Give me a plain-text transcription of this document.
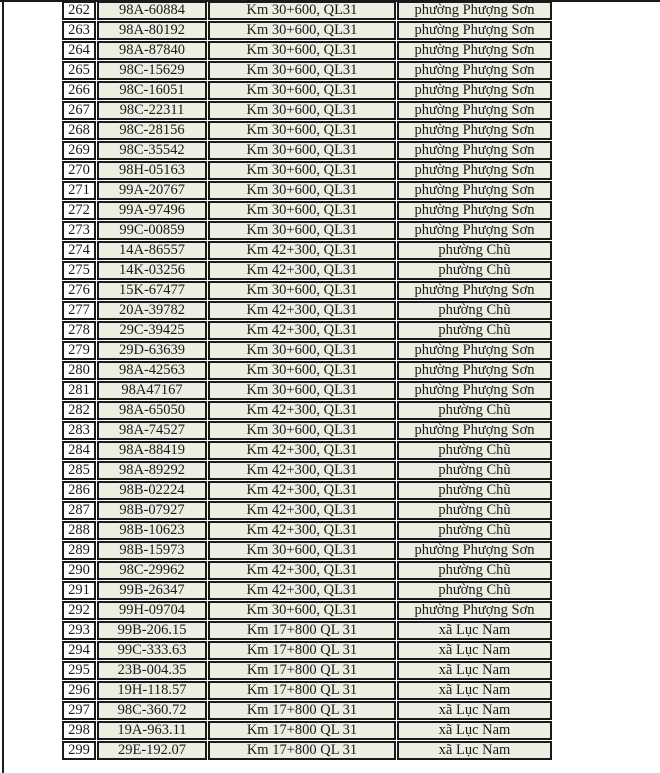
262	98A-60884	Km 30+600, QL31	phường Phượng Sơn
263	98A-80192	Km 30+600, QL31	phường Phượng Sơn
264	98A-87840	Km 30+600, QL31	phường Phượng Sơn
265	98C-15629	Km 30+600, QL31	phường Phượng Sơn
266	98C-16051	Km 30+600, QL31	phường Phượng Sơn
267	98C-22311	Km 30+600, QL31	phường Phượng Sơn
268	98C-28156	Km 30+600, QL31	phường Phượng Sơn
269	98C-35542	Km 30+600, QL31	phường Phượng Sơn
270	98H-05163	Km 30+600, QL31	phường Phượng Sơn
271	99A-20767	Km 30+600, QL31	phường Phượng Sơn
272	99A-97496	Km 30+600, QL31	phường Phượng Sơn
273	99C-00859	Km 30+600, QL31	phường Phượng Sơn
274	14A-86557	Km 42+300, QL31	phường Chũ
275	14K-03256	Km 42+300, QL31	phường Chũ
276	15K-67477	Km 30+600, QL31	phường Phượng Sơn
277	20A-39782	Km 42+300, QL31	phường Chũ
278	29C-39425	Km 42+300, QL31	phường Chũ
279	29D-63639	Km 30+600, QL31	phường Phượng Sơn
280	98A-42563	Km 30+600, QL31	phường Phượng Sơn
281	98A47167	Km 30+600, QL31	phường Phượng Sơn
282	98A-65050	Km 42+300, QL31	phường Chũ
283	98A-74527	Km 30+600, QL31	phường Phượng Sơn
284	98A-88419	Km 42+300, QL31	phường Chũ
285	98A-89292	Km 42+300, QL31	phường Chũ
286	98B-02224	Km 42+300, QL31	phường Chũ
287	98B-07927	Km 42+300, QL31	phường Chũ
288	98B-10623	Km 42+300, QL31	phường Chũ
289	98B-15973	Km 30+600, QL31	phường Phượng Sơn
290	98C-29962	Km 42+300, QL31	phường Chũ
291	99B-26347	Km 42+300, QL31	phường Chũ
292	99H-09704	Km 30+600, QL31	phường Phượng Sơn
293	99B-206.15	Km 17+800 QL 31	xã Lục Nam
294	99C-333.63	Km 17+800 QL 31	xã Lục Nam
295	23B-004.35	Km 17+800 QL 31	xã Lục Nam
296	19H-118.57	Km 17+800 QL 31	xã Lục Nam
297	98C-360.72	Km 17+800 QL 31	xã Lục Nam
298	19A-963.11	Km 17+800 QL 31	xã Lục Nam
299	29E-192.07	Km 17+800 QL 31	xã Lục Nam
